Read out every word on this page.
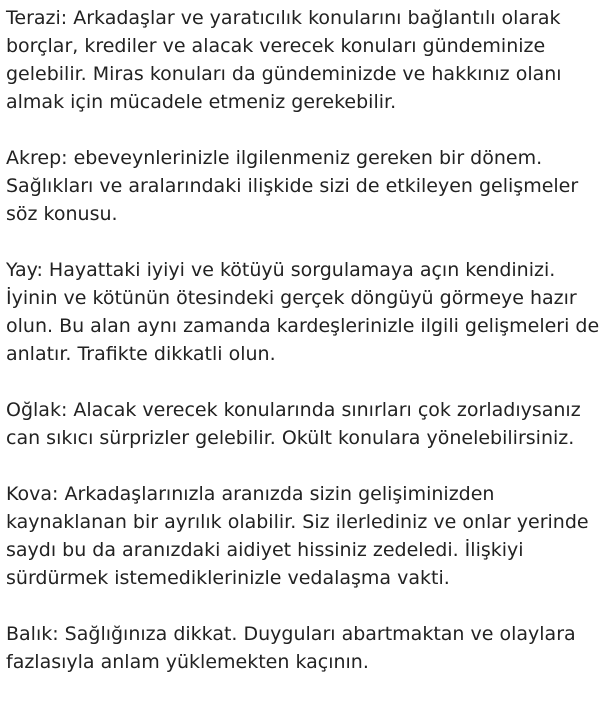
Terazi: Arkadaşlar ve yaratıcılık konularını bağlantılı olarak
borçlar, krediler ve alacak verecek konuları gündeminize
gelebilir. Miras konuları da gündeminizde ve hakkınız olanı
almak için mücadele etmeniz gerekebilir.

Akrep: ebeveynlerinizle ilgilenmeniz gereken bir dönem.
Sağlıkları ve aralarındaki ilişkide sizi de etkileyen gelişmeler
söz konusu.

Yay: Hayattaki iyiyi ve kötüyü sorgulamaya açın kendinizi.
İyinin ve kötünün ötesindeki gerçek döngüyü görmeye hazır
olun. Bu alan aynı zamanda kardeşlerinizle ilgili gelişmeleri de
anlatır. Trafikte dikkatli olun.

Oğlak: Alacak verecek konularında sınırları çok zorladıysanız
can sıkıcı sürprizler gelebilir. Okült konulara yönelebilirsiniz.

Kova: Arkadaşlarınızla aranızda sizin gelişiminizden
kaynaklanan bir ayrılık olabilir. Siz ilerlediniz ve onlar yerinde
saydı bu da aranızdaki aidiyet hissiniz zedeledi. İlişkiyi
sürdürmek istemediklerinizle vedalaşma vakti.

Balık: Sağlığınıza dikkat. Duyguları abartmaktan ve olaylara
fazlasıyla anlam yüklemekten kaçının.
